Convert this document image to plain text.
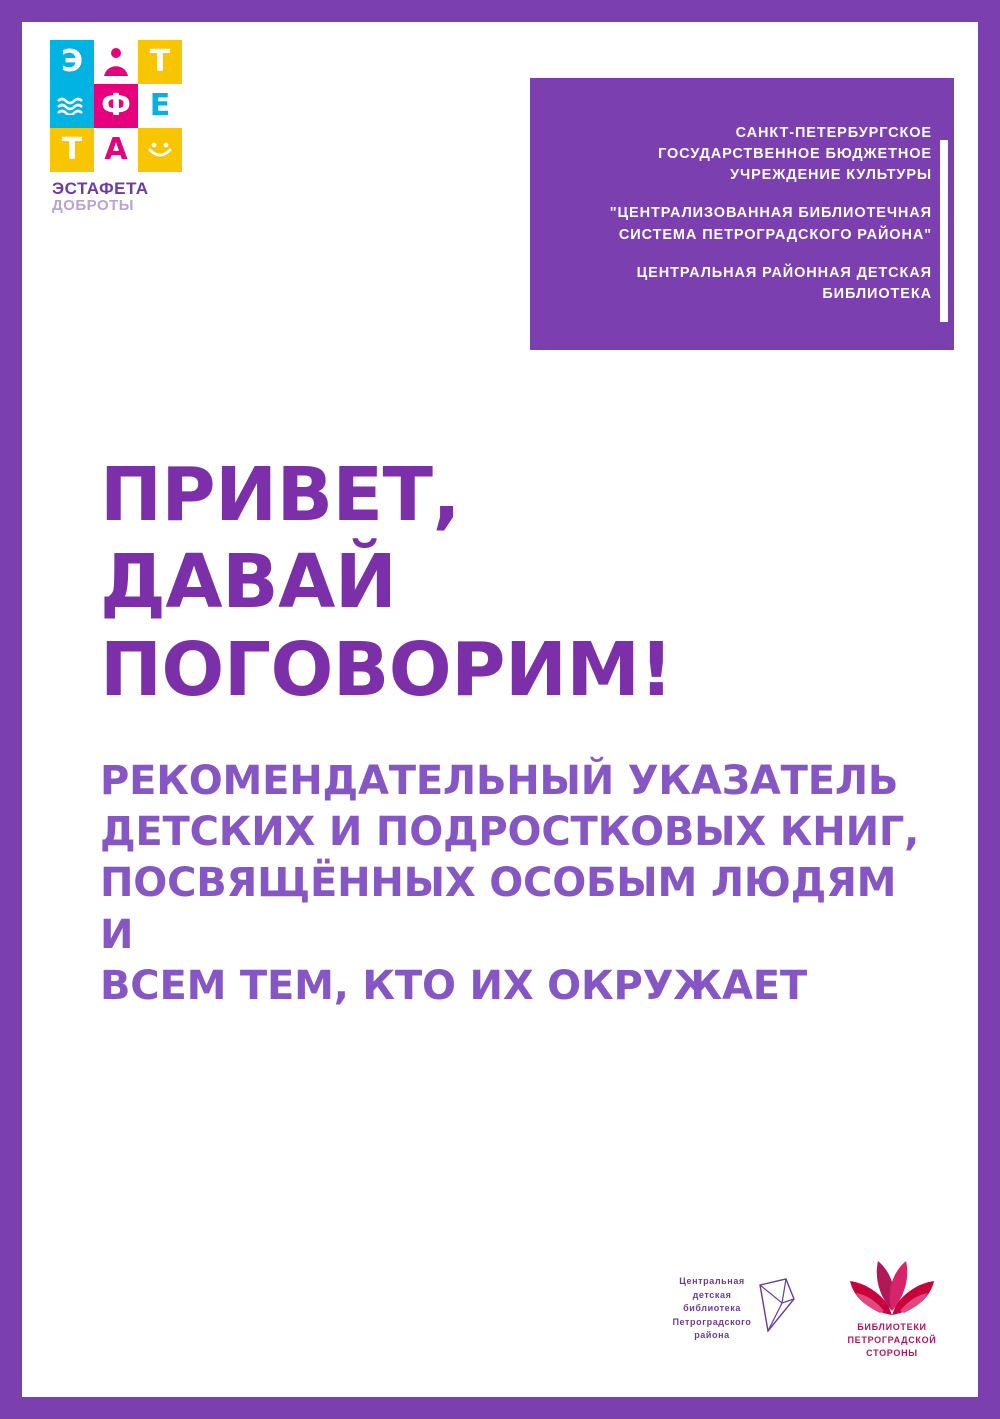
Э	Т
Ф Е
Т А
ЭСТАФЕТА
ДОБРОТЫ
САНКТ-ПЕТЕРБУРГСКОЕ
ГОСУДАРСТВЕННОЕ БЮДЖЕТНОЕ
УЧРЕЖДЕНИЕ КУЛЬТУРЫ
"ЦЕНТРАЛИЗОВАННАЯ БИБЛИОТЕЧНАЯ
СИСТЕМА ПЕТРОГРАДСКОГО РАЙОНА"
ЦЕНТРАЛЬНАЯ РАЙОННАЯ ДЕТСКАЯ
БИБЛИОТЕКА
ПРИВЕТ,
ДАВАЙ ПОГОВОРИМ!
РЕКОМЕНДАТЕЛЬНЫЙ УКАЗАТЕЛЬ
ДЕТСКИХ И ПОДРОСТКОВЫХ КНИГ,
ПОСВЯЩЁННЫХ ОСОБЫМ ЛЮДЯМ И
ВСЕМ ТЕМ, КТО ИХ ОКРУЖАЕТ
Центральная
детская
библиотека
Петроградского
района
БИБЛИОТЕКИ
ПЕТРОГРАДСКОЙ
СТОРОНЫ
